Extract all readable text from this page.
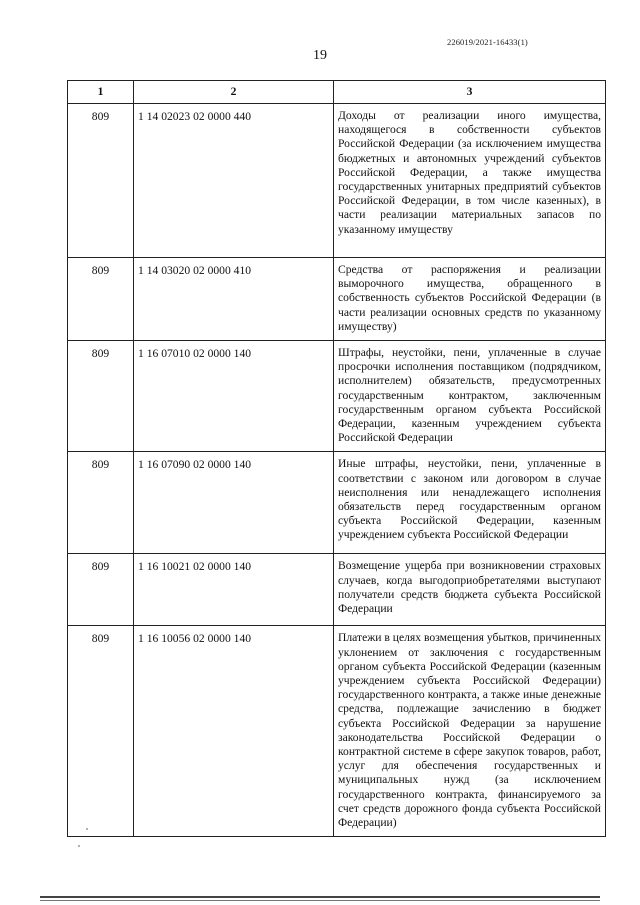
226019/2021-16433(1)
19
1	2	3
809	1 14 02023 02 0000 440	Доходы от реализации иного имущества, находящегося в собственности субъектов Российской Федерации (за исключением имущества бюджетных и автономных учреждений субъектов Российской Федерации, а также имущества государственных унитарных предприятий субъектов Российской Федерации, в том числе казенных), в части реализации материальных запасов по указанному имуществу
809	1 14 03020 02 0000 410	Средства от распоряжения и реализации выморочного имущества, обращенного в собственность субъектов Российской Федерации (в части реализации основных средств по указанному имуществу)
809	1 16 07010 02 0000 140	Штрафы, неустойки, пени, уплаченные в случае просрочки исполнения поставщиком (подрядчиком, исполнителем) обязательств, предусмотренных государственным контрактом, заключенным государственным органом субъекта Российской Федерации, казенным учреждением субъекта Российской Федерации
809	1 16 07090 02 0000 140	Иные штрафы, неустойки, пени, уплаченные в соответствии с законом или договором в случае неисполнения или ненадлежащего исполнения обязательств перед государственным органом субъекта Российской Федерации, казенным учреждением субъекта Российской Федерации
809	1 16 10021 02 0000 140	Возмещение ущерба при возникновении страховых случаев, когда выгодоприобретателями выступают получатели средств бюджета субъекта Российской Федерации
809	1 16 10056 02 0000 140	Платежи в целях возмещения убытков, причиненных уклонением от заключения с государственным органом субъекта Российской Федерации (казенным учреждением субъекта Российской Федерации) государственного контракта, а также иные денежные средства, подлежащие зачислению в бюджет субъекта Российской Федерации за нарушение законодательства Российской Федерации о контрактной системе в сфере закупок товаров, работ, услуг для обеспечения государственных и муниципальных нужд (за исключением государственного контракта, финансируемого за счет средств дорожного фонда субъекта Российской Федерации)
